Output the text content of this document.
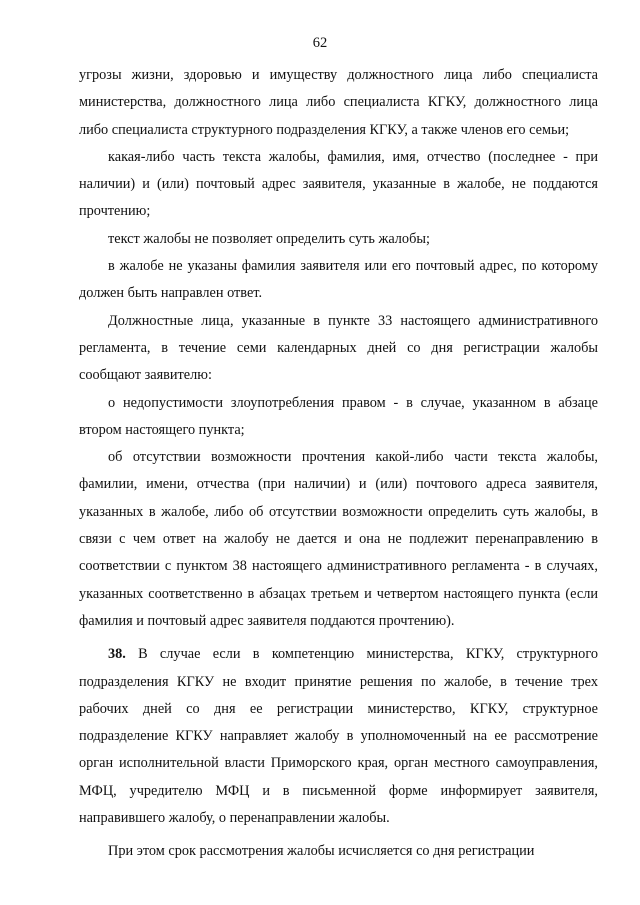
62

угрозы жизни, здоровью и имуществу должностного лица либо специалиста министерства, должностного лица либо специалиста КГКУ, должностного лица либо специалиста структурного подразделения КГКУ, а также членов его семьи;

какая-либо часть текста жалобы, фамилия, имя, отчество (последнее - при наличии) и (или) почтовый адрес заявителя, указанные в жалобе, не поддаются прочтению;

текст жалобы не позволяет определить суть жалобы;

в жалобе не указаны фамилия заявителя или его почтовый адрес, по которому должен быть направлен ответ.

Должностные лица, указанные в пункте 33 настоящего административного регламента, в течение семи календарных дней со дня регистрации жалобы сообщают заявителю:

о недопустимости злоупотребления правом - в случае, указанном в абзаце втором настоящего пункта;

об отсутствии возможности прочтения какой-либо части текста жалобы, фамилии, имени, отчества (при наличии) и (или) почтового адреса заявителя, указанных в жалобе, либо об отсутствии возможности определить суть жалобы, в связи с чем ответ на жалобу не дается и она не подлежит перенаправлению в соответствии с пунктом 38 настоящего административного регламента - в случаях, указанных соответственно в абзацах третьем и четвертом настоящего пункта (если фамилия и почтовый адрес заявителя поддаются прочтению).

38. В случае если в компетенцию министерства, КГКУ, структурного подразделения КГКУ не входит принятие решения по жалобе, в течение трех рабочих дней со дня ее регистрации министерство, КГКУ, структурное подразделение КГКУ направляет жалобу в уполномоченный на ее рассмотрение орган исполнительной власти Приморского края, орган местного самоуправления, МФЦ, учредителю МФЦ и в письменной форме информирует заявителя, направившего жалобу, о перенаправлении жалобы.

При этом срок рассмотрения жалобы исчисляется со дня регистрации
